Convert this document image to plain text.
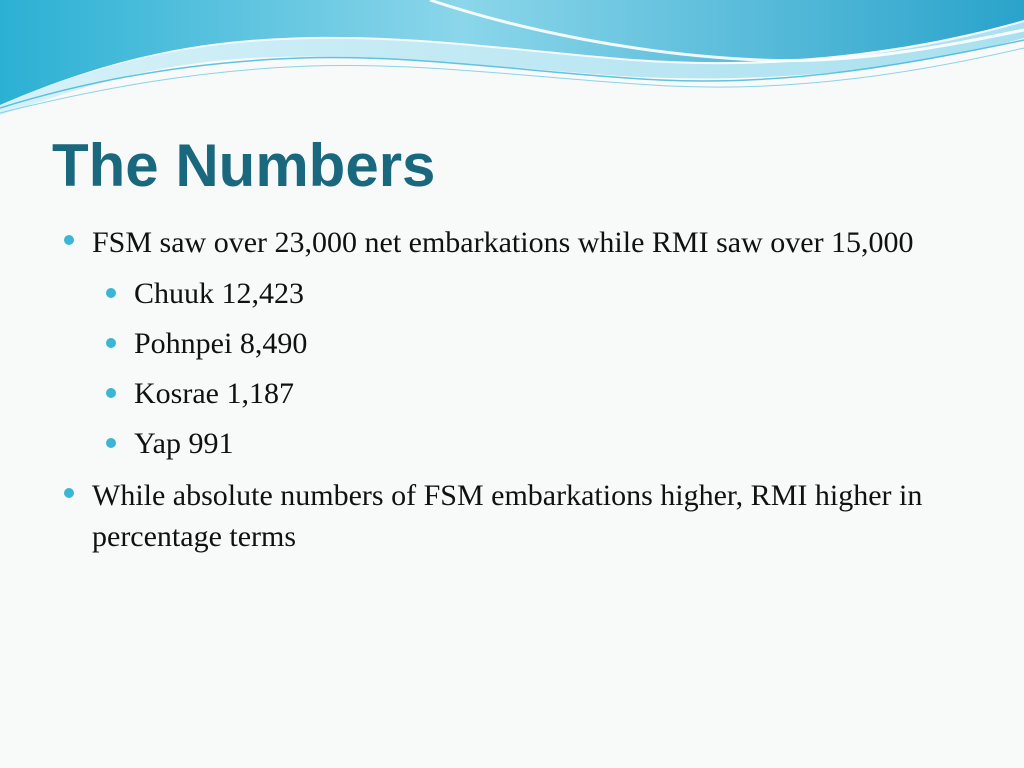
The Numbers
FSM saw over 23,000 net embarkations while RMI saw over 15,000
Chuuk 12,423
Pohnpei 8,490
Kosrae 1,187
Yap 991
While absolute numbers of FSM embarkations higher, RMI higher in percentage terms
